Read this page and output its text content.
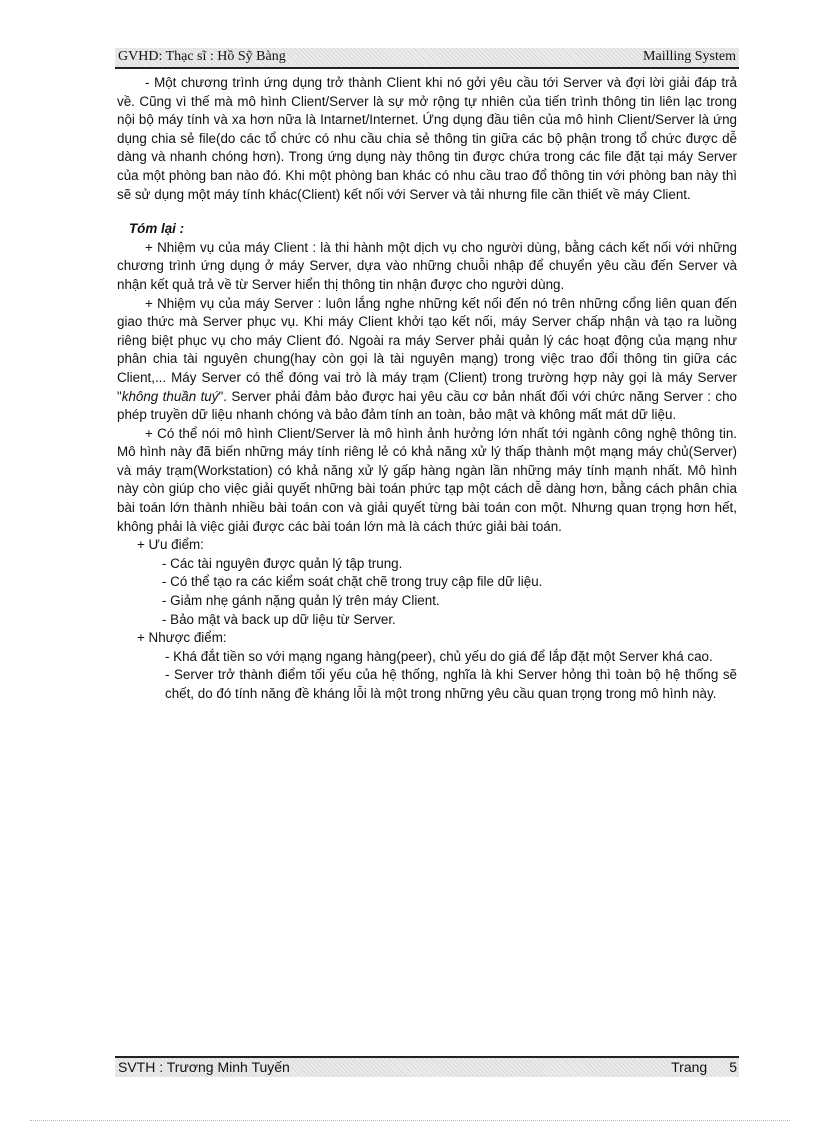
GVHD: Thạc sĩ : Hồ Sỹ Bàng	Mailling System

- Một chương trình ứng dụng trở thành Client khi nó gởi yêu cầu tới Server và đợi lời giải đáp trả về. Cũng vì thế mà mô hình Client/Server là sự mở rộng tự nhiên của tiến trình thông tin liên lạc trong nội bộ máy tính và xa hơn nữa là Intarnet/Internet. Ứng dụng đầu tiên của mô hình Client/Server là ứng dụng chia sẻ file(do các tổ chức có nhu cầu chia sẻ thông tin giữa các bộ phận trong tổ chức được dễ dàng và nhanh chóng hơn). Trong ứng dụng này thông tin được chứa trong các file đặt tại máy Server của một phòng ban nào đó. Khi một phòng ban khác có nhu cầu trao đổ thông tin với phòng ban này thì sẽ sử dụng một máy tính khác(Client) kết nối với Server và tải nhưng file cần thiết về máy Client.

Tóm lại :

+ Nhiệm vụ của máy Client : là thi hành một dịch vụ cho người dùng, bằng cách kết nối với những chương trình ứng dụng ở máy Server, dựa vào những chuỗi nhập để chuyển yêu cầu đến Server và nhận kết quả trả về từ Server hiển thị thông tin nhận được cho người dùng.

+ Nhiệm vụ của máy Server : luôn lắng nghe những kết nối đến nó trên những cổng liên quan đến giao thức mà Server phục vụ. Khi máy Client khởi tạo kết nối, máy Server chấp nhận và tạo ra luồng riêng biệt phục vụ cho máy Client đó. Ngoài ra máy Server phải quản lý các hoạt động của mạng như phân chia tài nguyên chung(hay còn gọi là tài nguyên mạng) trong việc trao đổi thông tin giữa các Client,... Máy Server có thể đóng vai trò là máy trạm (Client) trong trường hợp này gọi là máy Server "không thuần tuý". Server phải đảm bảo được hai yêu cầu cơ bản nhất đối với chức năng Server : cho phép truyền dữ liệu nhanh chóng và bảo đảm tính an toàn, bảo mật và không mất mát dữ liệu.

+ Có thể nói mô hình Client/Server là mô hình ảnh hưởng lớn nhất tới ngành công nghệ thông tin. Mô hình này đã biến những máy tính riêng lẻ có khả năng xử lý thấp thành một mạng máy chủ(Server) và máy trạm(Workstation) có khả năng xử lý gấp hàng ngàn lần những máy tính mạnh nhất. Mô hình này còn giúp cho việc giải quyết những bài toán phức tạp một cách dễ dàng hơn, bằng cách phân chia bài toán lớn thành nhiều bài toán con và giải quyết từng bài toán con một. Nhưng quan trọng hơn hết, không phải là việc giải được các bài toán lớn mà là cách thức giải bài toán.

+ Ưu điểm:

- Các tài nguyên được quản lý tập trung.

- Có thể tạo ra các kiểm soát chặt chẽ trong truy cập file dữ liệu.

- Giảm nhẹ gánh nặng quản lý trên máy Client.

- Bảo mật và back up dữ liệu từ Server.

+ Nhược điểm:

- Khá đắt tiền so với mạng ngang hàng(peer), chủ yếu do giá để lắp đặt một Server khá cao.

- Server trở thành điểm tối yếu của hệ thống, nghĩa là khi Server hỏng thì toàn bộ hệ thống sẽ chết, do đó tính năng đề kháng lỗi là một trong những yêu cầu quan trọng trong mô hình này.

SVTH : Trương Minh Tuyến	Trang 5
